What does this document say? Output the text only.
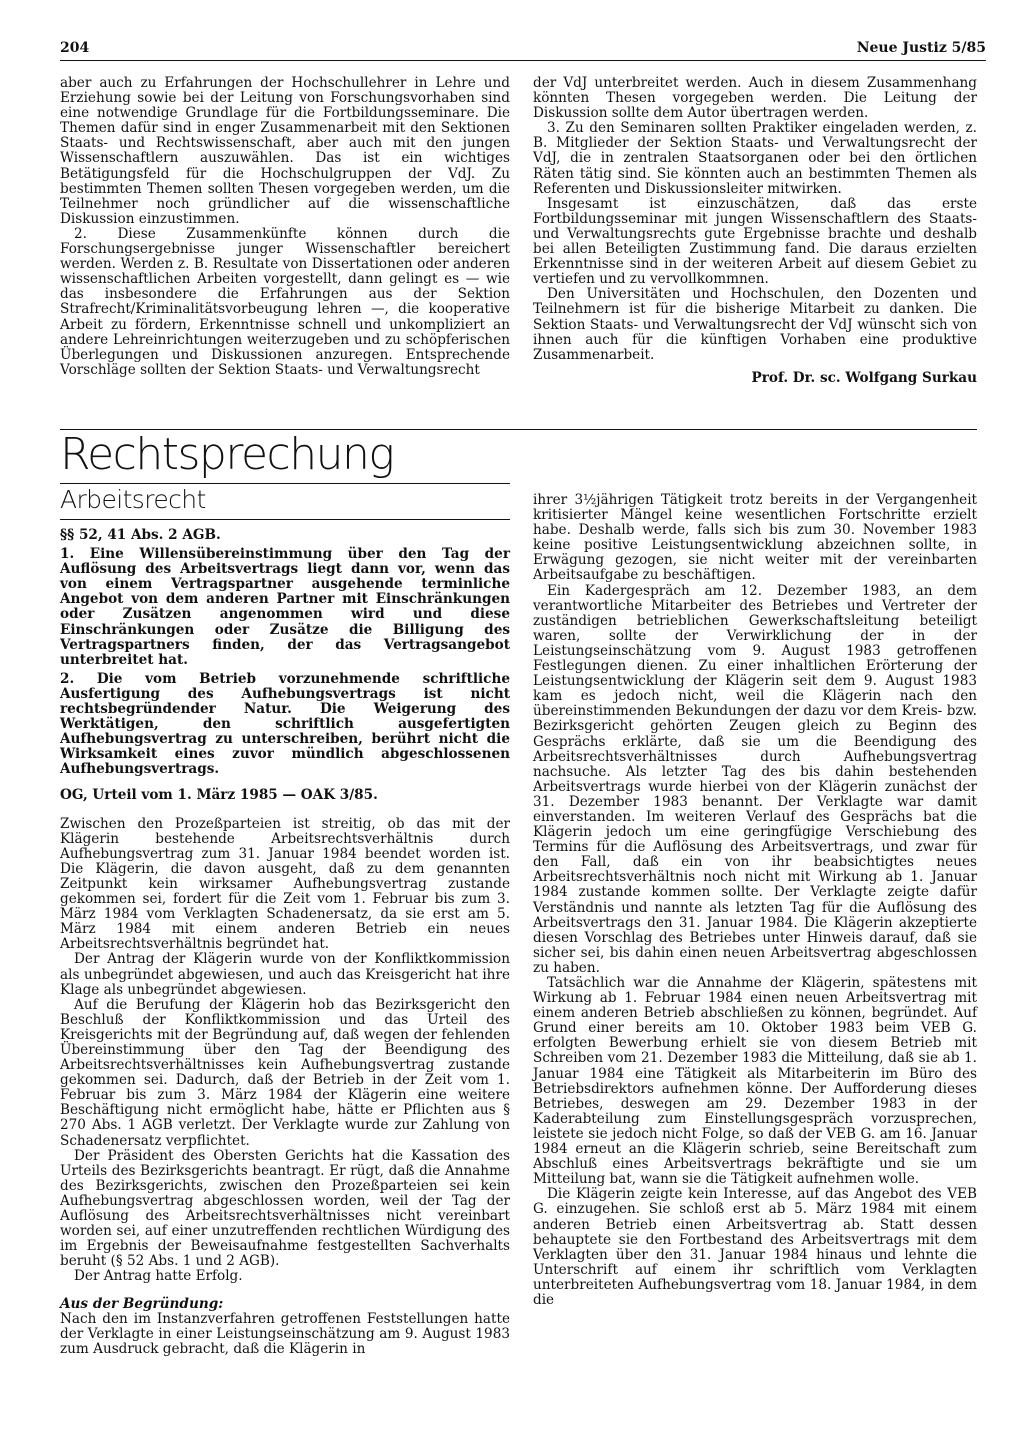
204	Neue Justiz 5/85

aber auch zu Erfahrungen der Hochschullehrer in Lehre und Erziehung sowie bei der Leitung von Forschungsvorhaben sind eine notwendige Grundlage für die Fortbildungsseminare. Die Themen dafür sind in enger Zusammenarbeit mit den Sektionen Staats- und Rechtswissenschaft, aber auch mit den jungen Wissenschaftlern auszuwählen. Das ist ein wichtiges Betätigungsfeld für die Hochschulgruppen der VdJ. Zu bestimmten Themen sollten Thesen vorgegeben werden, um die Teilnehmer noch gründlicher auf die wissenschaftliche Diskussion einzustimmen.

2. Diese Zusammenkünfte können durch die Forschungsergebnisse junger Wissenschaftler bereichert werden. Werden z. B. Resultate von Dissertationen oder anderen wissenschaftlichen Arbeiten vorgestellt, dann gelingt es — wie das insbesondere die Erfahrungen aus der Sektion Strafrecht/Kriminalitätsvorbeugung lehren —, die kooperative Arbeit zu fördern, Erkenntnisse schnell und unkompliziert an andere Lehreinrichtungen weiterzugeben und zu schöpferischen Überlegungen und Diskussionen anzuregen. Entsprechende Vorschläge sollten der Sektion Staats- und Verwaltungsrecht

der VdJ unterbreitet werden. Auch in diesem Zusammenhang könnten Thesen vorgegeben werden. Die Leitung der Diskussion sollte dem Autor übertragen werden.

3. Zu den Seminaren sollten Praktiker eingeladen werden, z. B. Mitglieder der Sektion Staats- und Verwaltungsrecht der VdJ, die in zentralen Staatsorganen oder bei den örtlichen Räten tätig sind. Sie könnten auch an bestimmten Themen als Referenten und Diskussionsleiter mitwirken.

Insgesamt ist einzuschätzen, daß das erste Fortbildungsseminar mit jungen Wissenschaftlern des Staats- und Verwaltungsrechts gute Ergebnisse brachte und deshalb bei allen Beteiligten Zustimmung fand. Die daraus erzielten Erkenntnisse sind in der weiteren Arbeit auf diesem Gebiet zu vertiefen und zu vervollkommnen.

Den Universitäten und Hochschulen, den Dozenten und Teilnehmern ist für die bisherige Mitarbeit zu danken. Die Sektion Staats- und Verwaltungsrecht der VdJ wünscht sich von ihnen auch für die künftigen Vorhaben eine produktive Zusammenarbeit.

Prof. Dr. sc. Wolfgang Surkau

Rechtsprechung
Arbeitsrecht

§§ 52, 41 Abs. 2 AGB.

1. Eine Willensübereinstimmung über den Tag der Auflösung des Arbeitsvertrags liegt dann vor, wenn das von einem Vertragspartner ausgehende terminliche Angebot von dem anderen Partner mit Einschränkungen oder Zusätzen angenommen wird und diese Einschränkungen oder Zusätze die Billigung des Vertragspartners finden, der das Vertragsangebot unterbreitet hat.

2. Die vom Betrieb vorzunehmende schriftliche Ausfertigung des Aufhebungsvertrags ist nicht rechtsbegründender Natur. Die Weigerung des Werktätigen, den schriftlich ausgefertigten Aufhebungsvertrag zu unterschreiben, berührt nicht die Wirksamkeit eines zuvor mündlich abgeschlossenen Aufhebungsvertrags.

OG, Urteil vom 1. März 1985 — OAK 3/85.

Zwischen den Prozeßparteien ist streitig, ob das mit der Klägerin bestehende Arbeitsrechtsverhältnis durch Aufhebungsvertrag zum 31. Januar 1984 beendet worden ist. Die Klägerin, die davon ausgeht, daß zu dem genannten Zeitpunkt kein wirksamer Aufhebungsvertrag zustande gekommen sei, fordert für die Zeit vom 1. Februar bis zum 3. März 1984 vom Verklagten Schadenersatz, da sie erst am 5. März 1984 mit einem anderen Betrieb ein neues Arbeitsrechtsverhältnis begründet hat.

Der Antrag der Klägerin wurde von der Konfliktkommission als unbegründet abgewiesen, und auch das Kreisgericht hat ihre Klage als unbegründet abgewiesen.

Auf die Berufung der Klägerin hob das Bezirksgericht den Beschluß der Konfliktkommission und das Urteil des Kreisgerichts mit der Begründung auf, daß wegen der fehlenden Übereinstimmung über den Tag der Beendigung des Arbeitsrechtsverhältnisses kein Aufhebungsvertrag zustande gekommen sei. Dadurch, daß der Betrieb in der Zeit vom 1. Februar bis zum 3. März 1984 der Klägerin eine weitere Beschäftigung nicht ermöglicht habe, hätte er Pflichten aus § 270 Abs. 1 AGB verletzt. Der Verklagte wurde zur Zahlung von Schadenersatz verpflichtet.

Der Präsident des Obersten Gerichts hat die Kassation des Urteils des Bezirksgerichts beantragt. Er rügt, daß die Annahme des Bezirksgerichts, zwischen den Prozeßparteien sei kein Aufhebungsvertrag abgeschlossen worden, weil der Tag der Auflösung des Arbeitsrechtsverhältnisses nicht vereinbart worden sei, auf einer unzutreffenden rechtlichen Würdigung des im Ergebnis der Beweisaufnahme festgestellten Sachverhalts beruht (§ 52 Abs. 1 und 2 AGB).

Der Antrag hatte Erfolg.

Aus der Begründung:

Nach den im Instanzverfahren getroffenen Feststellungen hatte der Verklagte in einer Leistungseinschätzung am 9. August 1983 zum Ausdruck gebracht, daß die Klägerin in

ihrer 3½jährigen Tätigkeit trotz bereits in der Vergangenheit kritisierter Mängel keine wesentlichen Fortschritte erzielt habe. Deshalb werde, falls sich bis zum 30. November 1983 keine positive Leistungsentwicklung abzeichnen sollte, in Erwägung gezogen, sie nicht weiter mit der vereinbarten Arbeitsaufgabe zu beschäftigen.

Ein Kadergespräch am 12. Dezember 1983, an dem verantwortliche Mitarbeiter des Betriebes und Vertreter der zuständigen betrieblichen Gewerkschaftsleitung beteiligt waren, sollte der Verwirklichung der in der Leistungseinschätzung vom 9. August 1983 getroffenen Festlegungen dienen. Zu einer inhaltlichen Erörterung der Leistungsentwicklung der Klägerin seit dem 9. August 1983 kam es jedoch nicht, weil die Klägerin nach den übereinstimmenden Bekundungen der dazu vor dem Kreis- bzw. Bezirksgericht gehörten Zeugen gleich zu Beginn des Gesprächs erklärte, daß sie um die Beendigung des Arbeitsrechtsverhältnisses durch Aufhebungsvertrag nachsuche. Als letzter Tag des bis dahin bestehenden Arbeitsvertrags wurde hierbei von der Klägerin zunächst der 31. Dezember 1983 benannt. Der Verklagte war damit einverstanden. Im weiteren Verlauf des Gesprächs bat die Klägerin jedoch um eine geringfügige Verschiebung des Termins für die Auflösung des Arbeitsvertrags, und zwar für den Fall, daß ein von ihr beabsichtigtes neues Arbeitsrechtsverhältnis noch nicht mit Wirkung ab 1. Januar 1984 zustande kommen sollte. Der Verklagte zeigte dafür Verständnis und nannte als letzten Tag für die Auflösung des Arbeitsvertrags den 31. Januar 1984. Die Klägerin akzeptierte diesen Vorschlag des Betriebes unter Hinweis darauf, daß sie sicher sei, bis dahin einen neuen Arbeitsvertrag abgeschlossen zu haben.

Tatsächlich war die Annahme der Klägerin, spätestens mit Wirkung ab 1. Februar 1984 einen neuen Arbeitsvertrag mit einem anderen Betrieb abschließen zu können, begründet. Auf Grund einer bereits am 10. Oktober 1983 beim VEB G. erfolgten Bewerbung erhielt sie von diesem Betrieb mit Schreiben vom 21. Dezember 1983 die Mitteilung, daß sie ab 1. Januar 1984 eine Tätigkeit als Mitarbeiterin im Büro des Betriebsdirektors aufnehmen könne. Der Aufforderung dieses Betriebes, deswegen am 29. Dezember 1983 in der Kaderabteilung zum Einstellungsgespräch vorzusprechen, leistete sie jedoch nicht Folge, so daß der VEB G. am 16. Januar 1984 erneut an die Klägerin schrieb, seine Bereitschaft zum Abschluß eines Arbeitsvertrags bekräftigte und sie um Mitteilung bat, wann sie die Tätigkeit aufnehmen wolle.

Die Klägerin zeigte kein Interesse, auf das Angebot des VEB G. einzugehen. Sie schloß erst ab 5. März 1984 mit einem anderen Betrieb einen Arbeitsvertrag ab. Statt dessen behauptete sie den Fortbestand des Arbeitsvertrags mit dem Verklagten über den 31. Januar 1984 hinaus und lehnte die Unterschrift auf einem ihr schriftlich vom Verklagten unterbreiteten Aufhebungsvertrag vom 18. Januar 1984, in dem die
